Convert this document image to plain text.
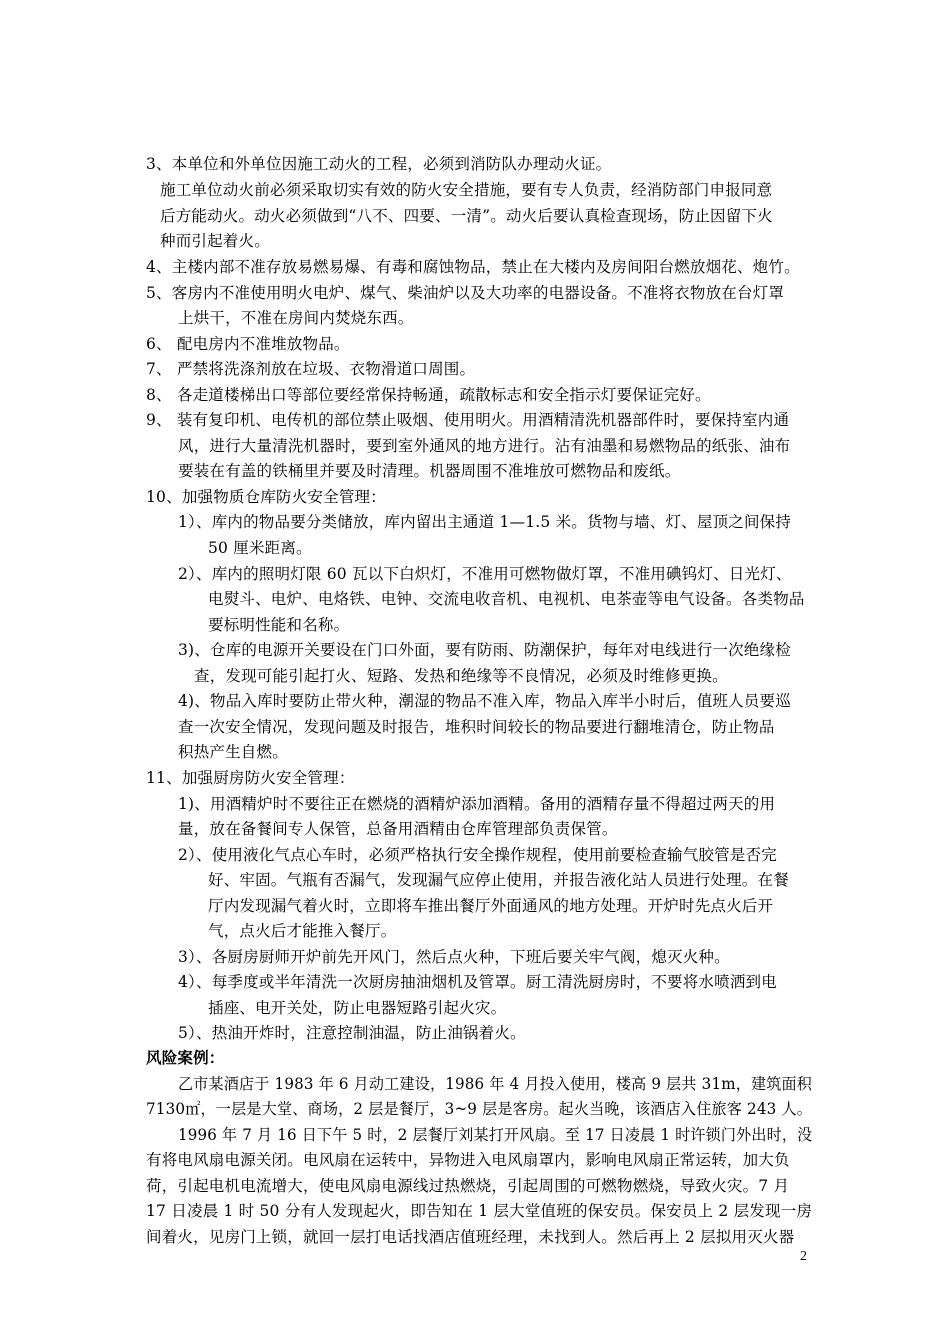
3、本单位和外单位因施工动火的工程，必须到消防队办理动火证。
施工单位动火前必须采取切实有效的防火安全措施，要有专人负责，经消防部门申报同意
后方能动火。动火必须做到“八不、四要、一清”。动火后要认真检查现场，防止因留下火
种而引起着火。
4、主楼内部不准存放易燃易爆、有毒和腐蚀物品，禁止在大楼内及房间阳台燃放烟花、炮竹。
5、客房内不准使用明火电炉、煤气、柴油炉以及大功率的电器设备。不准将衣物放在台灯罩
上烘干，不准在房间内焚烧东西。
6、 配电房内不准堆放物品。
7、 严禁将洗涤剂放在垃圾、衣物滑道口周围。
8、 各走道楼梯出口等部位要经常保持畅通，疏散标志和安全指示灯要保证完好。
9、 装有复印机、电传机的部位禁止吸烟、使用明火。用酒精清洗机器部件时，要保持室内通
风，进行大量清洗机器时，要到室外通风的地方进行。沾有油墨和易燃物品的纸张、油布
要装在有盖的铁桶里并要及时清理。机器周围不准堆放可燃物品和废纸。
10、加强物质仓库防火安全管理：
1）、库内的物品要分类储放，库内留出主通道 1—1.5 米。货物与墙、灯、屋顶之间保持
50 厘米距离。
2）、库内的照明灯限 60 瓦以下白炽灯，不准用可燃物做灯罩，不准用碘钨灯、日光灯、
电熨斗、电炉、电烙铁、电钟、交流电收音机、电视机、电茶壶等电气设备。各类物品
要标明性能和名称。
3)、仓库的电源开关要设在门口外面，要有防雨、防潮保护，每年对电线进行一次绝缘检
查，发现可能引起打火、短路、发热和绝缘等不良情况，必须及时维修更换。
4)、物品入库时要防止带火种，潮湿的物品不准入库，物品入库半小时后，值班人员要巡
查一次安全情况，发现问题及时报告，堆积时间较长的物品要进行翻堆清仓，防止物品
积热产生自燃。
11、加强厨房防火安全管理：
1)、用酒精炉时不要往正在燃烧的酒精炉添加酒精。备用的酒精存量不得超过两天的用
量，放在备餐间专人保管，总备用酒精由仓库管理部负责保管。
2）、使用液化气点心车时，必须严格执行安全操作规程，使用前要检查输气胶管是否完
好、牢固。气瓶有否漏气，发现漏气应停止使用，并报告液化站人员进行处理。在餐
厅内发现漏气着火时，立即将车推出餐厅外面通风的地方处理。开炉时先点火后开
气，点火后才能推入餐厅。
3）、各厨房厨师开炉前先开风门，然后点火种，下班后要关牢气阀，熄灭火种。
4）、每季度或半年清洗一次厨房抽油烟机及管罩。厨工清洗厨房时，不要将水喷洒到电
插座、电开关处，防止电器短路引起火灾。
5）、热油开炸时，注意控制油温，防止油锅着火。
风险案例：
乙市某酒店于 1983 年 6 月动工建设，1986 年 4 月投入使用，楼高 9 层共 31m，建筑面积
7130㎡，一层是大堂、商场，2 层是餐厅，3~9 层是客房。起火当晚，该酒店入住旅客 243 人。
1996 年 7 月 16 日下午 5 时，2 层餐厅刘某打开风扇。至 17 日凌晨 1 时许锁门外出时，没
有将电风扇电源关闭。电风扇在运转中，异物进入电风扇罩内，影响电风扇正常运转，加大负
荷，引起电机电流增大，使电风扇电源线过热燃烧，引起周围的可燃物燃烧，导致火灾。7 月
17 日凌晨 1 时 50 分有人发现起火，即告知在 1 层大堂值班的保安员。保安员上 2 层发现一房
间着火，见房门上锁，就回一层打电话找酒店值班经理，未找到人。然后再上 2 层拟用灭火器
2
